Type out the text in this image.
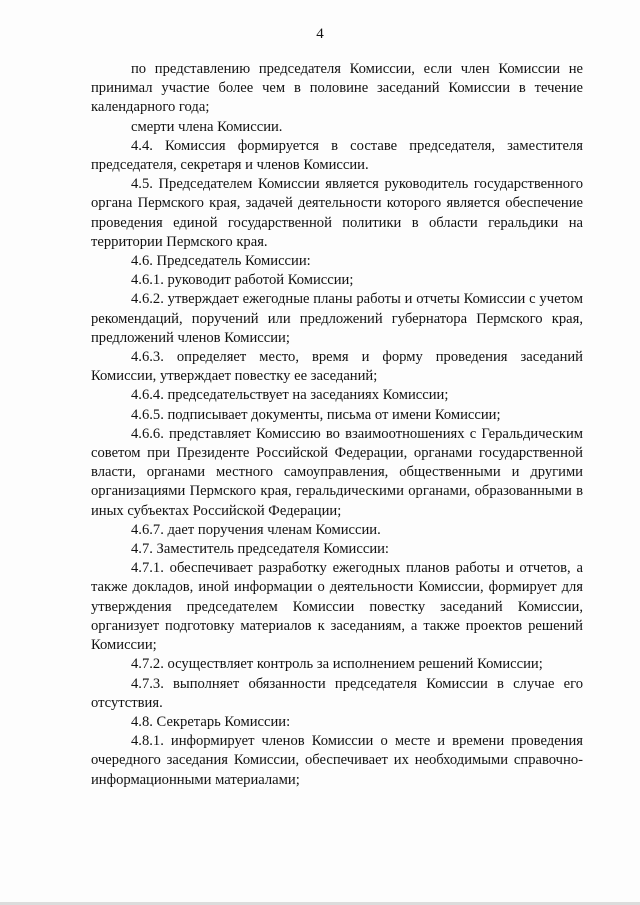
4

по представлению председателя Комиссии, если член Комиссии не принимал участие более чем в половине заседаний Комиссии в течение календарного года;

смерти члена Комиссии.

4.4. Комиссия формируется в составе председателя, заместителя председателя, секретаря и членов Комиссии.

4.5. Председателем Комиссии является руководитель государственного органа Пермского края, задачей деятельности которого является обеспечение проведения единой государственной политики в области геральдики на территории Пермского края.

4.6. Председатель Комиссии:

4.6.1. руководит работой Комиссии;

4.6.2. утверждает ежегодные планы работы и отчеты Комиссии с учетом рекомендаций, поручений или предложений губернатора Пермского края, предложений членов Комиссии;

4.6.3. определяет место, время и форму проведения заседаний Комиссии, утверждает повестку ее заседаний;

4.6.4. председательствует на заседаниях Комиссии;

4.6.5. подписывает документы, письма от имени Комиссии;

4.6.6. представляет Комиссию во взаимоотношениях с Геральдическим советом при Президенте Российской Федерации, органами государственной власти, органами местного самоуправления, общественными и другими организациями Пермского края, геральдическими органами, образованными в иных субъектах Российской Федерации;

4.6.7. дает поручения членам Комиссии.

4.7. Заместитель председателя Комиссии:

4.7.1. обеспечивает разработку ежегодных планов работы и отчетов, а также докладов, иной информации о деятельности Комиссии, формирует для утверждения председателем Комиссии повестку заседаний Комиссии, организует подготовку материалов к заседаниям, а также проектов решений Комиссии;

4.7.2. осуществляет контроль за исполнением решений Комиссии;

4.7.3. выполняет обязанности председателя Комиссии в случае его отсутствия.

4.8. Секретарь Комиссии:

4.8.1. информирует членов Комиссии о месте и времени проведения очередного заседания Комиссии, обеспечивает их необходимыми справочно-информационными материалами;
